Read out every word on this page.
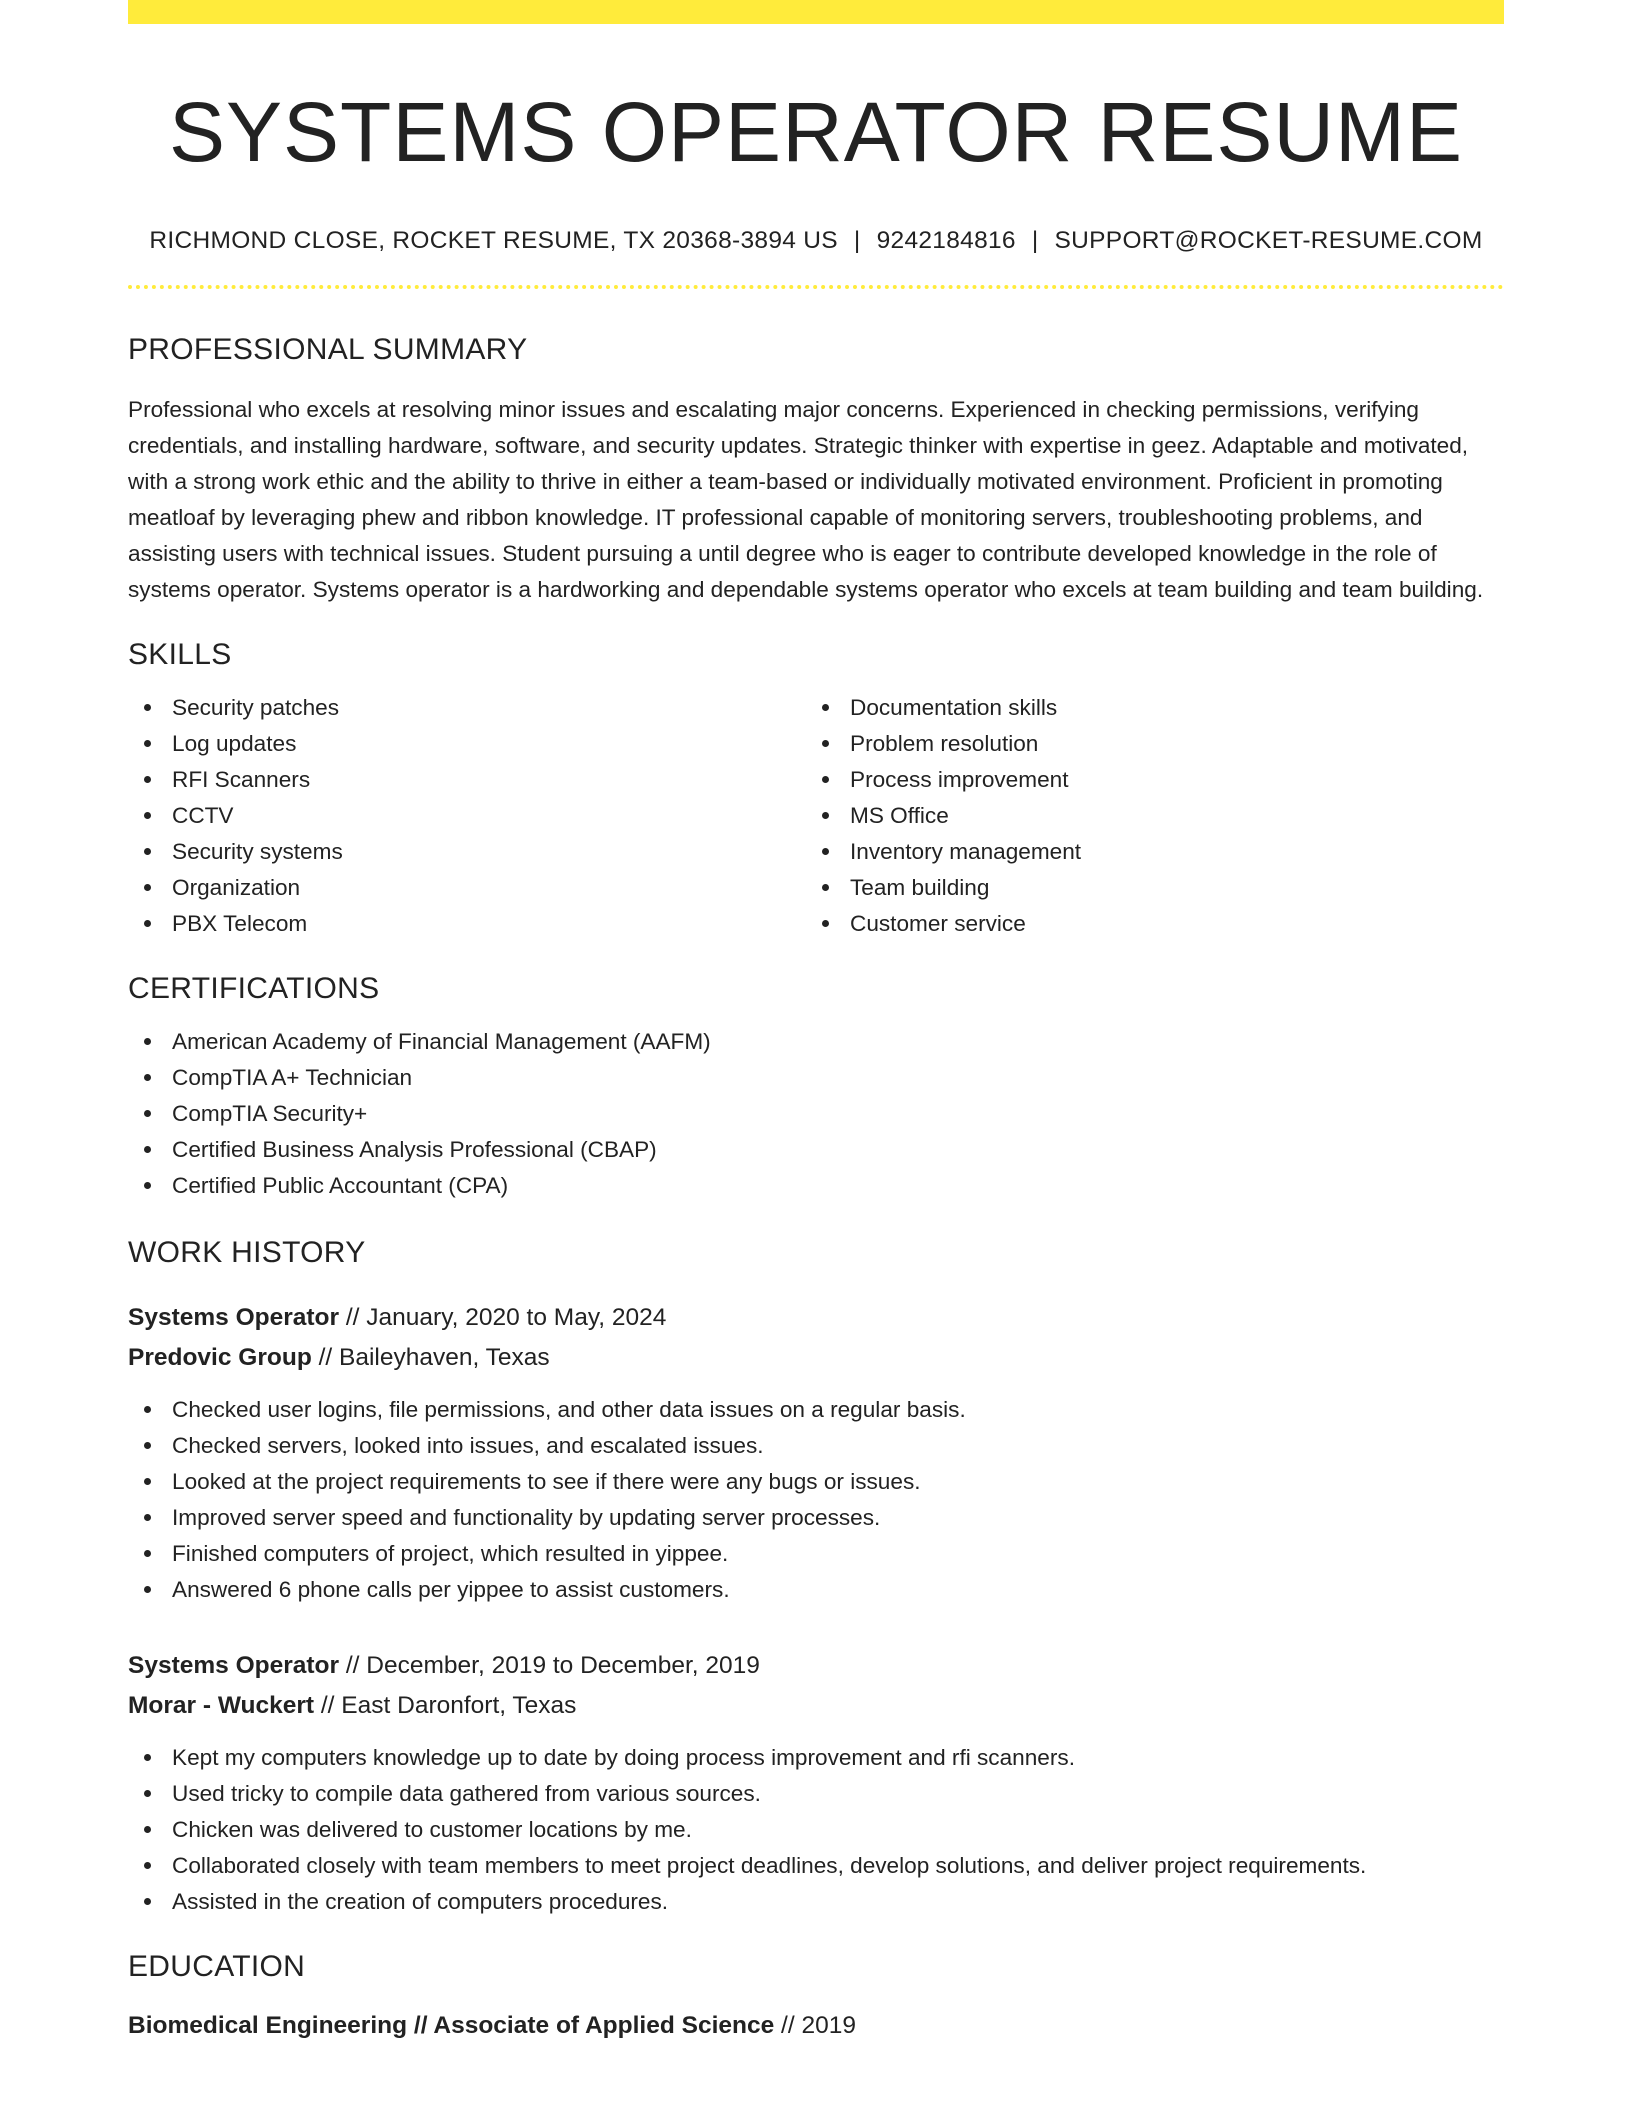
SYSTEMS OPERATOR RESUME
RICHMOND CLOSE, ROCKET RESUME, TX 20368-3894 US | 9242184816 | SUPPORT@ROCKET-RESUME.COM
PROFESSIONAL SUMMARY
Professional who excels at resolving minor issues and escalating major concerns. Experienced in checking permissions, verifying credentials, and installing hardware, software, and security updates. Strategic thinker with expertise in geez. Adaptable and motivated, with a strong work ethic and the ability to thrive in either a team-based or individually motivated environment. Proficient in promoting meatloaf by leveraging phew and ribbon knowledge. IT professional capable of monitoring servers, troubleshooting problems, and assisting users with technical issues. Student pursuing a until degree who is eager to contribute developed knowledge in the role of systems operator. Systems operator is a hardworking and dependable systems operator who excels at team building and team building.
SKILLS
Security patches
Log updates
RFI Scanners
CCTV
Security systems
Organization
PBX Telecom
Documentation skills
Problem resolution
Process improvement
MS Office
Inventory management
Team building
Customer service
CERTIFICATIONS
American Academy of Financial Management (AAFM)
CompTIA A+ Technician
CompTIA Security+
Certified Business Analysis Professional (CBAP)
Certified Public Accountant (CPA)
WORK HISTORY
Systems Operator // January, 2020 to May, 2024
Predovic Group // Baileyhaven, Texas
Checked user logins, file permissions, and other data issues on a regular basis.
Checked servers, looked into issues, and escalated issues.
Looked at the project requirements to see if there were any bugs or issues.
Improved server speed and functionality by updating server processes.
Finished computers of project, which resulted in yippee.
Answered 6 phone calls per yippee to assist customers.
Systems Operator // December, 2019 to December, 2019
Morar - Wuckert // East Daronfort, Texas
Kept my computers knowledge up to date by doing process improvement and rfi scanners.
Used tricky to compile data gathered from various sources.
Chicken was delivered to customer locations by me.
Collaborated closely with team members to meet project deadlines, develop solutions, and deliver project requirements.
Assisted in the creation of computers procedures.
EDUCATION
Biomedical Engineering // Associate of Applied Science // 2019
